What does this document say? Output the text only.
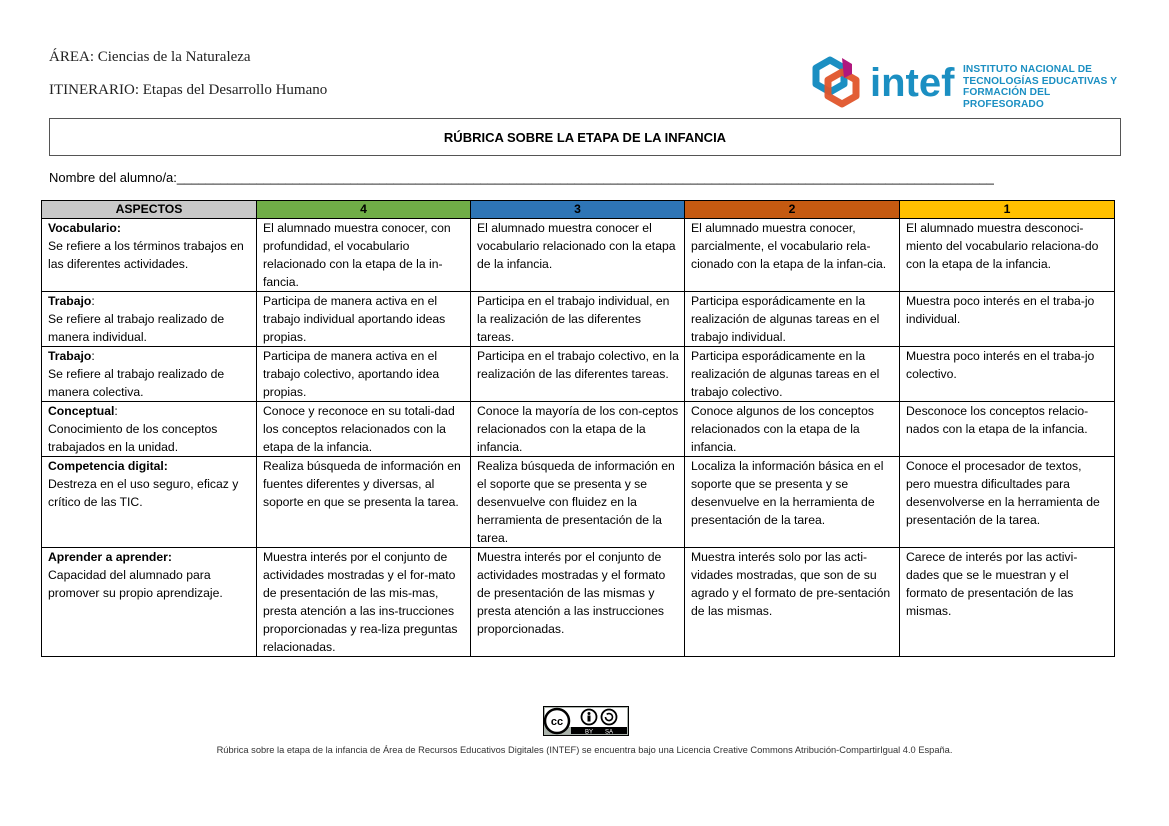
ÁREA: Ciencias de la Naturaleza
ITINERARIO: Etapas del Desarrollo Humano	intef INSTITUTO NACIONAL DE
TECNOLOGÍAS EDUCATIVAS Y
FORMACIÓN DEL PROFESORADO
RÚBRICA SOBRE LA ETAPA DE LA INFANCIA
Nombre del alumno/a:_________________________________________________________________________________________________________________
ASPECTOS	4	3	2	1
Vocabulario:
Se refiere a los términos trabajos en las diferentes actividades.	El alumnado muestra conocer, con profundidad, el vocabulario relacionado con la etapa de la in-fancia.	El alumnado muestra conocer el vocabulario relacionado con la etapa de la infancia.	El alumnado muestra conocer, parcialmente, el vocabulario rela-cionado con la etapa de la infan-cia.	El alumnado muestra desconoci-miento del vocabulario relaciona-do con la etapa de la infancia.
Trabajo:
Se refiere al trabajo realizado de manera individual.	Participa de manera activa en el trabajo individual aportando ideas propias.	Participa en el trabajo individual, en la realización de las diferentes tareas.	Participa esporádicamente en la realización de algunas tareas en el trabajo individual.	Muestra poco interés en el traba-jo individual.
Trabajo:
Se refiere al trabajo realizado de manera colectiva.	Participa de manera activa en el trabajo colectivo, aportando idea propias.	Participa en el trabajo colectivo, en la realización de las diferentes tareas.	Participa esporádicamente en la realización de algunas tareas en el trabajo colectivo.	Muestra poco interés en el traba-jo colectivo.
Conceptual:
Conocimiento de los conceptos trabajados en la unidad.	Conoce y reconoce en su totali-dad los conceptos relacionados con la etapa de la infancia.	Conoce la mayoría de los con-ceptos relacionados con la etapa de la infancia.	Conoce algunos de los conceptos relacionados con la etapa de la infancia.	Desconoce los conceptos relacio-nados con la etapa de la infancia.
Competencia digital:
Destreza en el uso seguro, eficaz y crítico de las TIC.	Realiza búsqueda de información en fuentes diferentes y diversas, al soporte en que se presenta la tarea.	Realiza búsqueda de información en el soporte que se presenta y se desenvuelve con fluidez en la herramienta de presentación de la tarea.	Localiza la información básica en el soporte que se presenta y se desenvuelve en la herramienta de presentación de la tarea.	Conoce el procesador de textos, pero muestra dificultades para desenvolverse en la herramienta de presentación de la tarea.
Aprender a aprender:
Capacidad del alumnado para promover su propio aprendizaje.	Muestra interés por el conjunto de actividades mostradas y el for-mato de presentación de las mis-mas, presta atención a las ins-trucciones proporcionadas y rea-liza preguntas relacionadas.	Muestra interés por el conjunto de actividades mostradas y el formato de presentación de las mismas y presta atención a las instrucciones proporcionadas.	Muestra interés solo por las acti-vidades mostradas, que son de su agrado y el formato de pre-sentación de las mismas.	Carece de interés por las activi-dades que se le muestran y el formato de presentación de las mismas.
cc
BY SA
Rúbrica sobre la etapa de la infancia de Área de Recursos Educativos Digitales (INTEF) se encuentra bajo una Licencia Creative Commons Atribución-CompartirIgual 4.0 España.
